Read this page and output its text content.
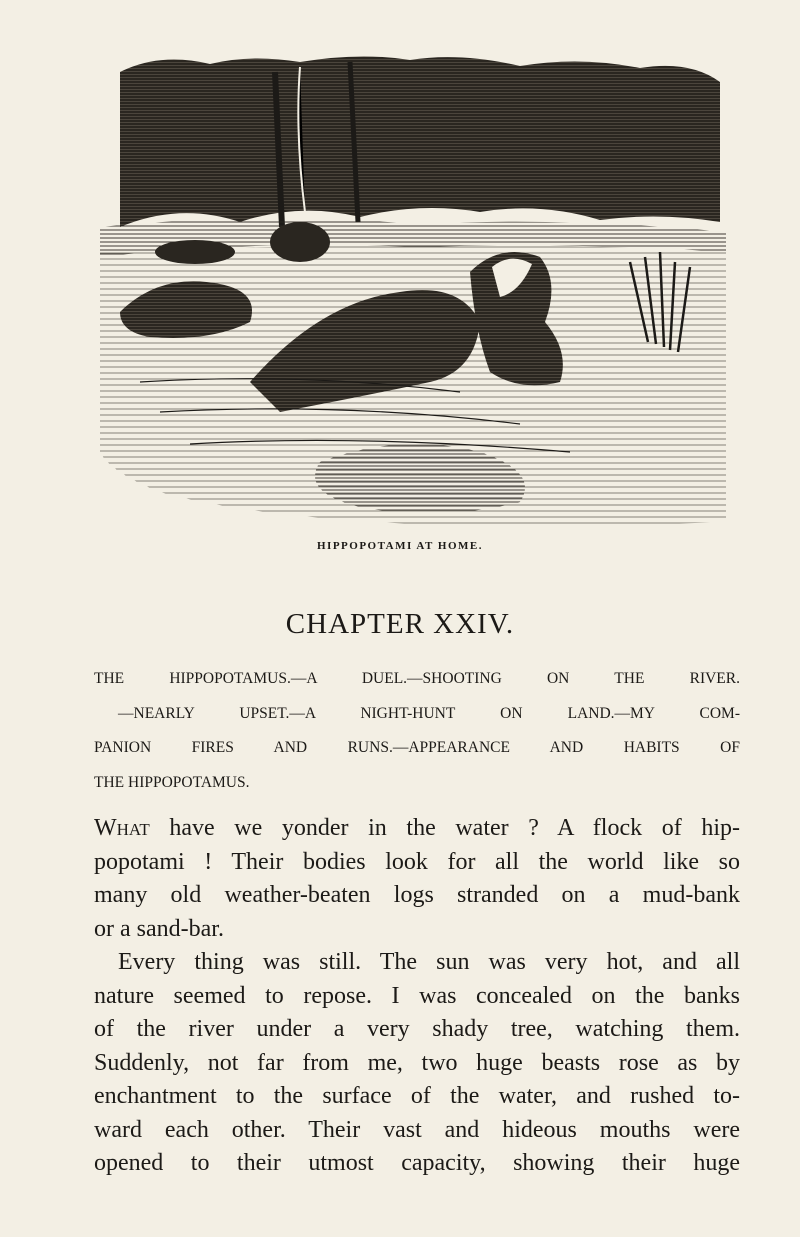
HIPPOPOTAMI AT HOME.
CHAPTER XXIV.
THE HIPPOPOTAMUS.—A DUEL.—SHOOTING ON THE RIVER.
—NEARLY UPSET.—A NIGHT-HUNT ON LAND.—MY COM-
PANION FIRES AND RUNS.—APPEARANCE AND HABITS OF
THE HIPPOPOTAMUS.

What have we yonder in the water ? A flock of hip-
popotami ! Their bodies look for all the world like so
many old weather-beaten logs stranded on a mud-bank
or a sand-bar.

Every thing was still. The sun was very hot, and all
nature seemed to repose. I was concealed on the banks
of the river under a very shady tree, watching them.
Suddenly, not far from me, two huge beasts rose as by
enchantment to the surface of the water, and rushed to-
ward each other. Their vast and hideous mouths were
opened to their utmost capacity, showing their huge
